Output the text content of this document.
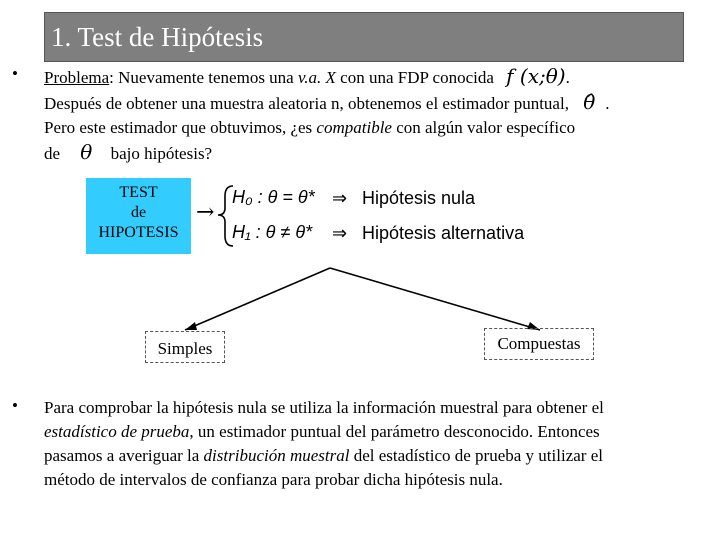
1. Test de Hipótesis
• Problema: Nuevamente tenemos una v.a. X con una FDP conocida f (x;θ).
Después de obtener una muestra aleatoria n, obtenemos el estimador puntual, θ̂ .
Pero este estimador que obtuvimos, ¿es compatible con algún valor específico
de θ bajo hipótesis?
TEST
de
HIPOTESIS
→
H₀ : θ = θ* ⇒ Hipótesis nula
H₁ : θ ≠ θ* ⇒ Hipótesis alternativa
Simples	Compuestas
• Para comprobar la hipótesis nula se utiliza la información muestral para obtener el
estadístico de prueba, un estimador puntual del parámetro desconocido. Entonces
pasamos a averiguar la distribución muestral del estadístico de prueba y utilizar el
método de intervalos de confianza para probar dicha hipótesis nula.
